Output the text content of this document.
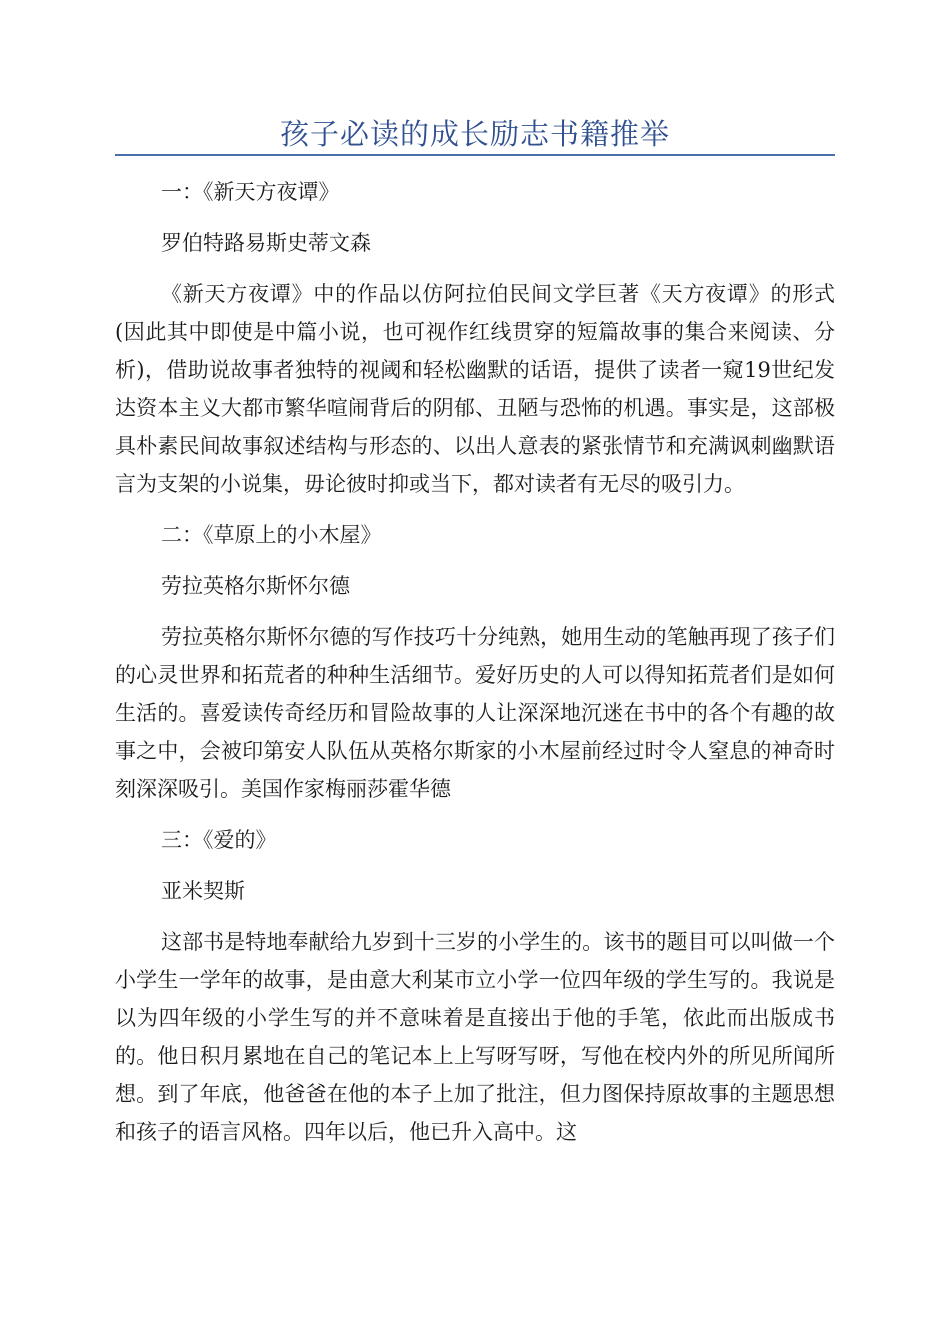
孩子必读的成长励志书籍推举

一：《新天方夜谭》

罗伯特路易斯史蒂文森

《新天方夜谭》中的作品以仿阿拉伯民间文学巨著《天方夜谭》的形式(因此其中即使是中篇小说，也可视作红线贯穿的短篇故事的集合来阅读、分析)，借助说故事者独特的视阈和轻松幽默的话语，提供了读者一窥19世纪发达资本主义大都市繁华喧闹背后的阴郁、丑陋与恐怖的机遇。事实是，这部极具朴素民间故事叙述结构与形态的、以出人意表的紧张情节和充满讽刺幽默语言为支架的小说集，毋论彼时抑或当下，都对读者有无尽的吸引力。

二：《草原上的小木屋》

劳拉英格尔斯怀尔德

劳拉英格尔斯怀尔德的写作技巧十分纯熟，她用生动的笔触再现了孩子们的心灵世界和拓荒者的种种生活细节。爱好历史的人可以得知拓荒者们是如何生活的。喜爱读传奇经历和冒险故事的人让深深地沉迷在书中的各个有趣的故事之中，会被印第安人队伍从英格尔斯家的小木屋前经过时令人窒息的神奇时刻深深吸引。美国作家梅丽莎霍华德

三：《爱的》

亚米契斯

这部书是特地奉献给九岁到十三岁的小学生的。该书的题目可以叫做一个小学生一学年的故事，是由意大利某市立小学一位四年级的学生写的。我说是以为四年级的小学生写的并不意味着是直接出于他的手笔，依此而出版成书的。他日积月累地在自己的笔记本上上写呀写呀，写他在校内外的所见所闻所想。到了年底，他爸爸在他的本子上加了批注，但力图保持原故事的主题思想和孩子的语言风格。四年以后，他已升入高中。这
